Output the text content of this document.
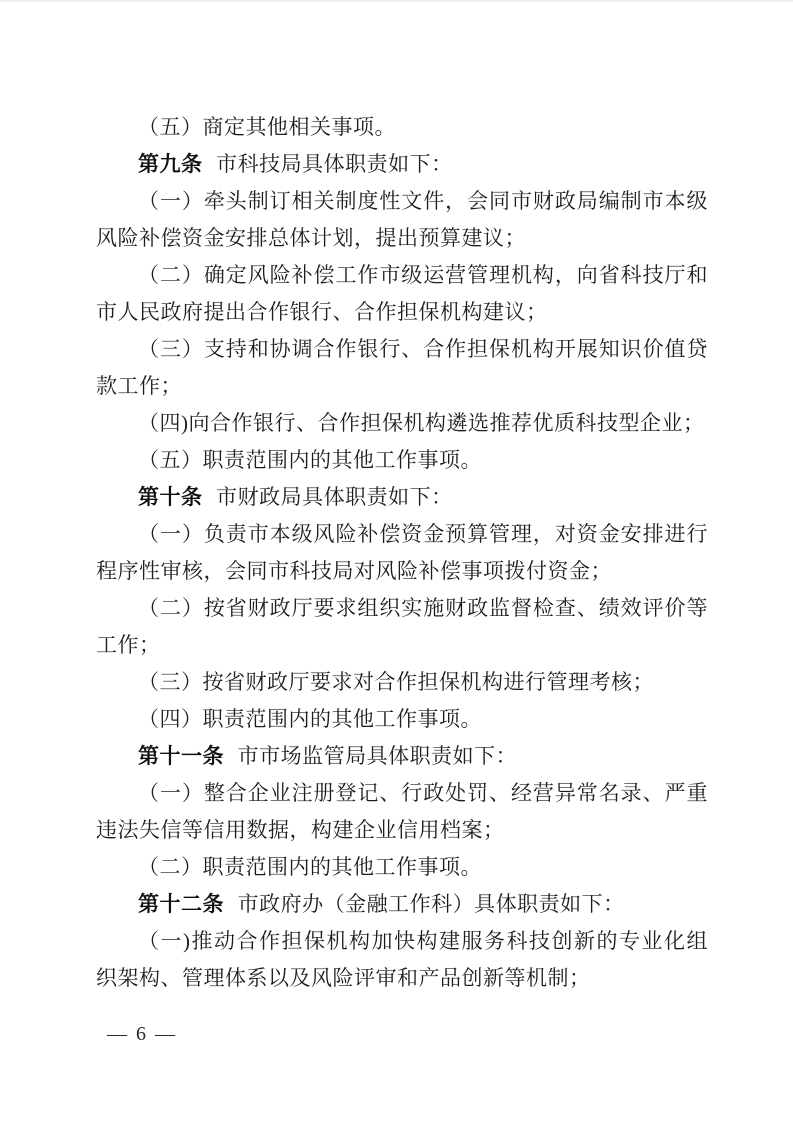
（五）商定其他相关事项。
第九条 市科技局具体职责如下：
（一）牵头制订相关制度性文件，会同市财政局编制市本级
风险补偿资金安排总体计划，提出预算建议；
（二）确定风险补偿工作市级运营管理机构，向省科技厅和
市人民政府提出合作银行、合作担保机构建议；
（三）支持和协调合作银行、合作担保机构开展知识价值贷
款工作；
（四)向合作银行、合作担保机构遴选推荐优质科技型企业；
（五）职责范围内的其他工作事项。
第十条 市财政局具体职责如下：
（一）负责市本级风险补偿资金预算管理，对资金安排进行
程序性审核，会同市科技局对风险补偿事项拨付资金；
（二）按省财政厅要求组织实施财政监督检查、绩效评价等
工作；
（三）按省财政厅要求对合作担保机构进行管理考核；
（四）职责范围内的其他工作事项。
第十一条 市市场监管局具体职责如下：
（一）整合企业注册登记、行政处罚、经营异常名录、严重
违法失信等信用数据，构建企业信用档案；
（二）职责范围内的其他工作事项。
第十二条 市政府办（金融工作科）具体职责如下：
（一)推动合作担保机构加快构建服务科技创新的专业化组
织架构、管理体系以及风险评审和产品创新等机制；
— 6 —
